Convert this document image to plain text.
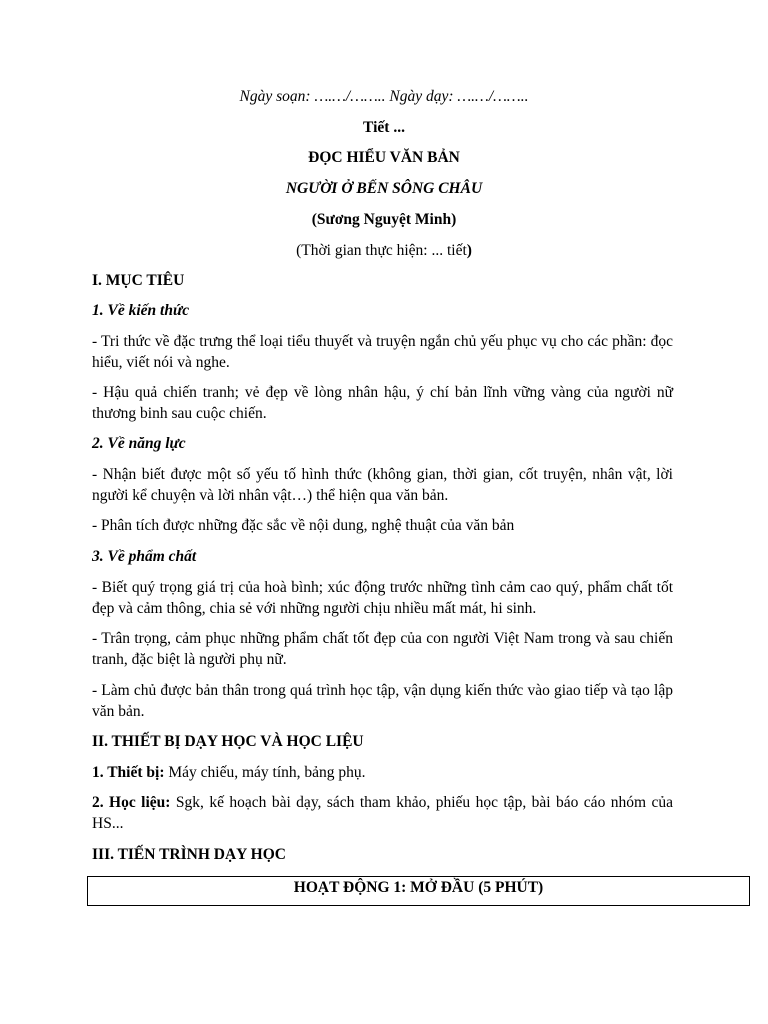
Ngày soạn: ….…/…….. Ngày dạy: ….…/……..
Tiết ...
ĐỌC HIỂU VĂN BẢN
NGƯỜI Ở BẾN SÔNG CHÂU
(Sương Nguyệt Minh)
(Thời gian thực hiện: ... tiết)
I. MỤC TIÊU
1. Về kiến thức
- Tri thức về đặc trưng thể loại tiểu thuyết và truyện ngắn chủ yếu phục vụ cho các phần: đọc hiểu, viết nói và nghe.
- Hậu quả chiến tranh; vẻ đẹp về lòng nhân hậu, ý chí bản lĩnh vững vàng của người nữ thương binh sau cuộc chiến.
2. Về năng lực
- Nhận biết được một số yếu tố hình thức (không gian, thời gian, cốt truyện, nhân vật, lời người kể chuyện và lời nhân vật…) thể hiện qua văn bản.
- Phân tích được những đặc sắc về nội dung, nghệ thuật của văn bản
3. Về phẩm chất
- Biết quý trọng giá trị của hoà bình; xúc động trước những tình cảm cao quý, phẩm chất tốt đẹp và cảm thông, chia sẻ với những người chịu nhiều mất mát, hi sinh.
- Trân trọng, cảm phục những phẩm chất tốt đẹp của con người Việt Nam trong và sau chiến tranh, đặc biệt là người phụ nữ.
- Làm chủ được bản thân trong quá trình học tập, vận dụng kiến thức vào giao tiếp và tạo lập văn bản.
II. THIẾT BỊ DẠY HỌC VÀ HỌC LIỆU
1. Thiết bị: Máy chiếu, máy tính, bảng phụ.
2. Học liệu: Sgk, kế hoạch bài dạy, sách tham khảo, phiếu học tập, bài báo cáo nhóm của HS...
III. TIẾN TRÌNH DẠY HỌC
HOẠT ĐỘNG 1: MỞ ĐẦU (5 PHÚT)
